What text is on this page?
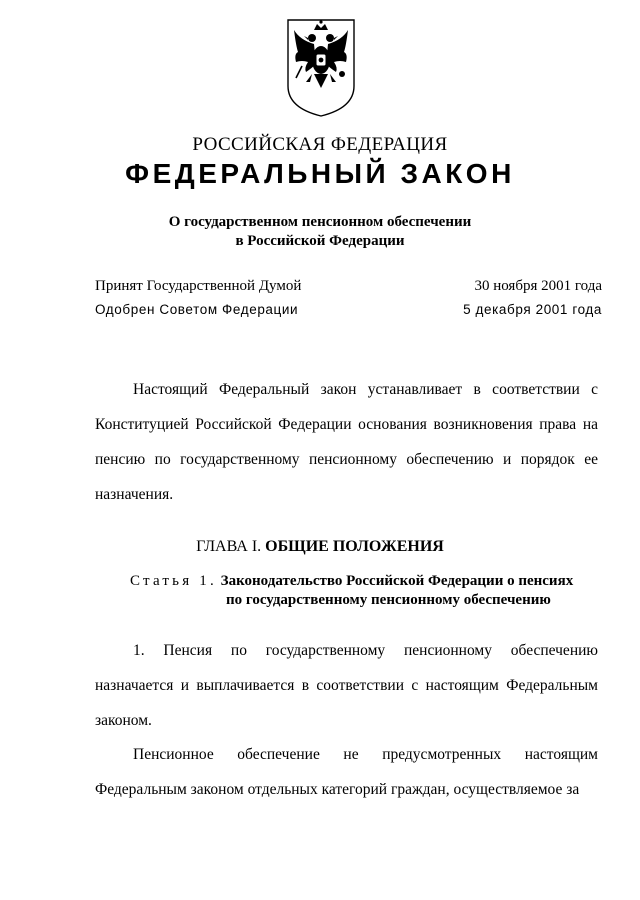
РОССИЙСКАЯ ФЕДЕРАЦИЯ
ФЕДЕРАЛЬНЫЙ ЗАКОН
О государственном пенсионном обеспечении
в Российской Федерации
Принят Государственной Думой	30 ноября 2001 года
Одобрен Советом Федерации	5 декабря 2001 года
Настоящий Федеральный закон устанавливает в соответствии с Конституцией Российской Федерации основания возникновения права на пенсию по государственному пенсионному обеспечению и порядок ее назначения.
ГЛАВА I. ОБЩИЕ ПОЛОЖЕНИЯ
Статья 1. Законодательство Российской Федерации о пенсиях
по государственному пенсионному обеспечению
1. Пенсия по государственному пенсионному обеспечению назначается и выплачивается в соответствии с настоящим Федеральным законом.
Пенсионное обеспечение не предусмотренных настоящим Федеральным законом отдельных категорий граждан, осуществляемое за
